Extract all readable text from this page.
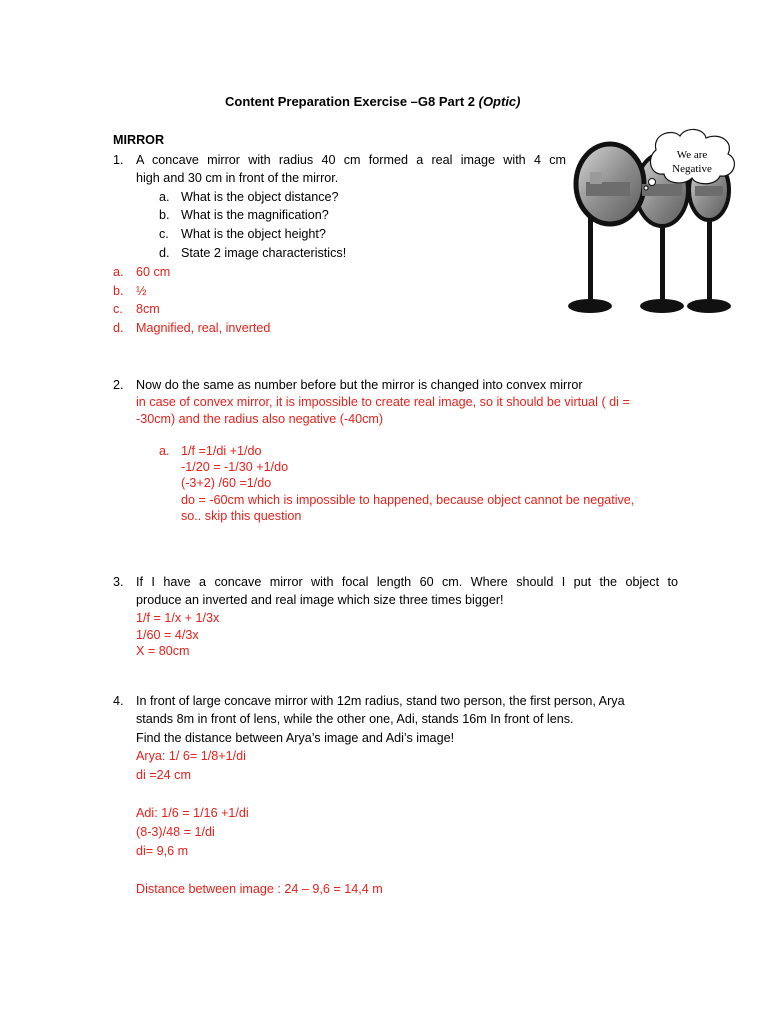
Content Preparation Exercise –G8 Part 2 (Optic)
MIRROR
1. A concave mirror with radius 40 cm formed a real image with 4 cm
high and 30 cm in front of the mirror.
a. What is the object distance?
b. What is the magnification?
c. What is the object height?
d. State 2 image characteristics!
a. 60 cm
b. ½
c. 8cm
d. Magnified, real, inverted
We are
Negative
2. Now do the same as number before but the mirror is changed into convex mirror
in case of convex mirror, it is impossible to create real image, so it should be virtual ( di =
-30cm) and the radius also negative (-40cm)
a. 1/f =1/di +1/do
-1/20 = -1/30 +1/do
(-3+2) /60 =1/do
do = -60cm which is impossible to happened, because object cannot be negative,
so.. skip this question
3. If I have a concave mirror with focal length 60 cm. Where should I put the object to
produce an inverted and real image which size three times bigger!
1/f = 1/x + 1/3x
1/60 = 4/3x
X = 80cm
4. In front of large concave mirror with 12m radius, stand two person, the first person, Arya
stands 8m in front of lens, while the other one, Adi, stands 16m In front of lens.
Find the distance between Arya’s image and Adi’s image!
Arya: 1/ 6= 1/8+1/di
di =24 cm
Adi: 1/6 = 1/16 +1/di
(8-3)/48 = 1/di
di= 9,6 m
Distance between image : 24 – 9,6 = 14,4 m
